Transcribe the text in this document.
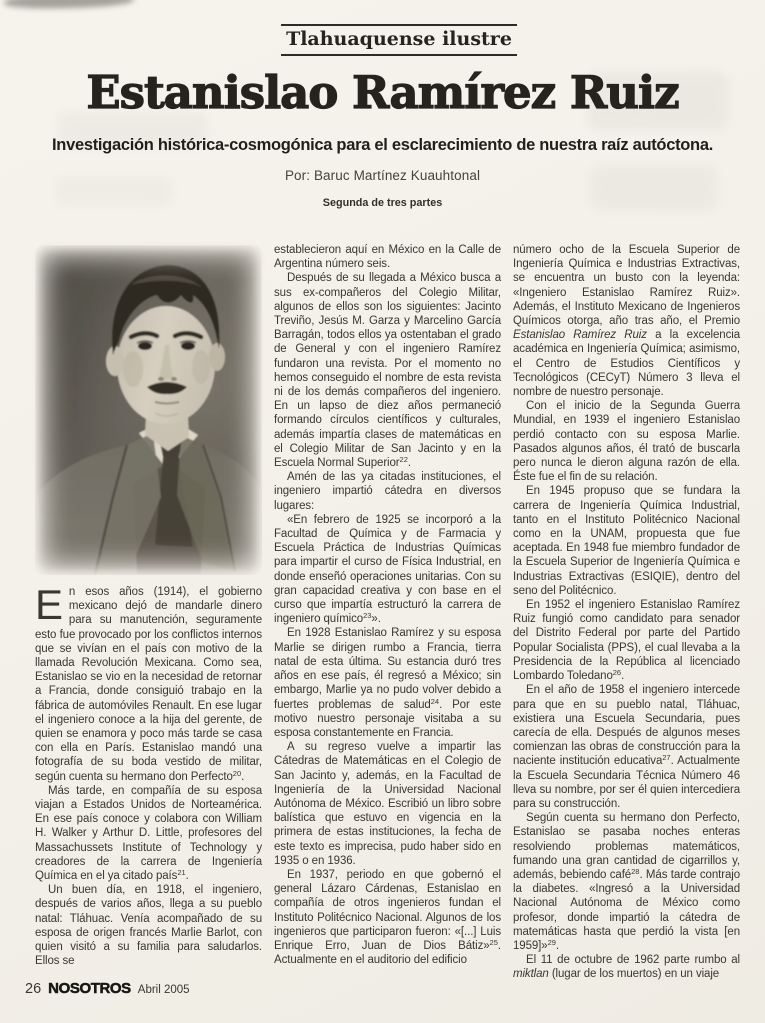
Tlahuaquense ilustre
Estanislao Ramírez Ruiz
Investigación histórica-cosmogónica para el esclarecimiento de nuestra raíz autóctona.
Por: Baruc Martínez Kuauhtonal
Segunda de tres partes

En esos años (1914), el gobierno mexicano dejó de mandarle dinero para su manutención, seguramente esto fue provocado por los conflictos internos que se vivían en el país con motivo de la llamada Revolución Mexicana. Como sea, Estanislao se vio en la necesidad de retornar a Francia, donde consiguió trabajo en la fábrica de automóviles Renault. En ese lugar el ingeniero conoce a la hija del gerente, de quien se enamora y poco más tarde se casa con ella en París. Estanislao mandó una fotografía de su boda vestido de militar, según cuenta su hermano don Perfecto$^{20}$.

Más tarde, en compañía de su esposa viajan a Estados Unidos de Norteamérica. En ese país conoce y colabora con William H. Walker y Arthur D. Little, profesores del Massachussets Institute of Technology y creadores de la carrera de Ingeniería Química en el ya citado país$^{21}$.

Un buen día, en 1918, el ingeniero, después de varios años, llega a su pueblo natal: Tláhuac. Venía acompañado de su esposa de origen francés Marlie Barlot, con quien visitó a su familia para saludarlos. Ellos se

establecieron aquí en México en la Calle de Argentina número seis.

Después de su llegada a México busca a sus ex-compañeros del Colegio Militar, algunos de ellos son los siguientes: Jacinto Treviño, Jesús M. Garza y Marcelino García Barragán, todos ellos ya ostentaban el grado de General y con el ingeniero Ramírez fundaron una revista. Por el momento no hemos conseguido el nombre de esta revista ni de los demás compañeros del ingeniero. En un lapso de diez años permaneció formando círculos científicos y culturales, además impartía clases de matemáticas en el Colegio Militar de San Jacinto y en la Escuela Normal Superior$^{22}$.

Amén de las ya citadas instituciones, el ingeniero impartió cátedra en diversos lugares:

«En febrero de 1925 se incorporó a la Facultad de Química y de Farmacia y Escuela Práctica de Industrias Químicas para impartir el curso de Física Industrial, en donde enseñó operaciones unitarias. Con su gran capacidad creativa y con base en el curso que impartía estructuró la carrera de ingeniero químico$^{23}$».

En 1928 Estanislao Ramírez y su esposa Marlie se dirigen rumbo a Francia, tierra natal de esta última. Su estancia duró tres años en ese país, él regresó a México; sin embargo, Marlie ya no pudo volver debido a fuertes problemas de salud$^{24}$. Por este motivo nuestro personaje visitaba a su esposa constantemente en Francia.

A su regreso vuelve a impartir las Cátedras de Matemáticas en el Colegio de San Jacinto y, además, en la Facultad de Ingeniería de la Universidad Nacional Autónoma de México. Escribió un libro sobre balística que estuvo en vigencia en la primera de estas instituciones, la fecha de este texto es imprecisa, pudo haber sido en 1935 o en 1936.

En 1937, periodo en que gobernó el general Lázaro Cárdenas, Estanislao en compañía de otros ingenieros fundan el Instituto Politécnico Nacional. Algunos de los ingenieros que participaron fueron: «[...] Luis Enrique Erro, Juan de Dios Bátiz»$^{25}$. Actualmente en el auditorio del edificio

número ocho de la Escuela Superior de Ingeniería Química e Industrias Extractivas, se encuentra un busto con la leyenda: «Ingeniero Estanislao Ramírez Ruiz». Además, el Instituto Mexicano de Ingenieros Químicos otorga, año tras año, el Premio Estanislao Ramírez Ruiz a la excelencia académica en Ingeniería Química; asimismo, el Centro de Estudios Científicos y Tecnológicos (CECyT) Número 3 lleva el nombre de nuestro personaje.

Con el inicio de la Segunda Guerra Mundial, en 1939 el ingeniero Estanislao perdió contacto con su esposa Marlie. Pasados algunos años, él trató de buscarla pero nunca le dieron alguna razón de ella. Éste fue el fin de su relación.

En 1945 propuso que se fundara la carrera de Ingeniería Química Industrial, tanto en el Instituto Politécnico Nacional como en la UNAM, propuesta que fue aceptada. En 1948 fue miembro fundador de la Escuela Superior de Ingeniería Química e Industrias Extractivas (ESIQIE), dentro del seno del Politécnico.

En 1952 el ingeniero Estanislao Ramírez Ruiz fungió como candidato para senador del Distrito Federal por parte del Partido Popular Socialista (PPS), el cual llevaba a la Presidencia de la República al licenciado Lombardo Toledano$^{26}$.

En el año de 1958 el ingeniero intercede para que en su pueblo natal, Tláhuac, existiera una Escuela Secundaria, pues carecía de ella. Después de algunos meses comienzan las obras de construcción para la naciente institución educativa$^{27}$. Actualmente la Escuela Secundaria Técnica Número 46 lleva su nombre, por ser él quien intercediera para su construcción.

Según cuenta su hermano don Perfecto, Estanislao se pasaba noches enteras resolviendo problemas matemáticos, fumando una gran cantidad de cigarrillos y, además, bebiendo café$^{28}$. Más tarde contrajo la diabetes. «Ingresó a la Universidad Nacional Autónoma de México como profesor, donde impartió la cátedra de matemáticas hasta que perdió la vista [en 1959]»$^{29}$.

El 11 de octubre de 1962 parte rumbo al miktlan (lugar de los muertos) en un viaje

26 NOSOTROS Abril 2005
